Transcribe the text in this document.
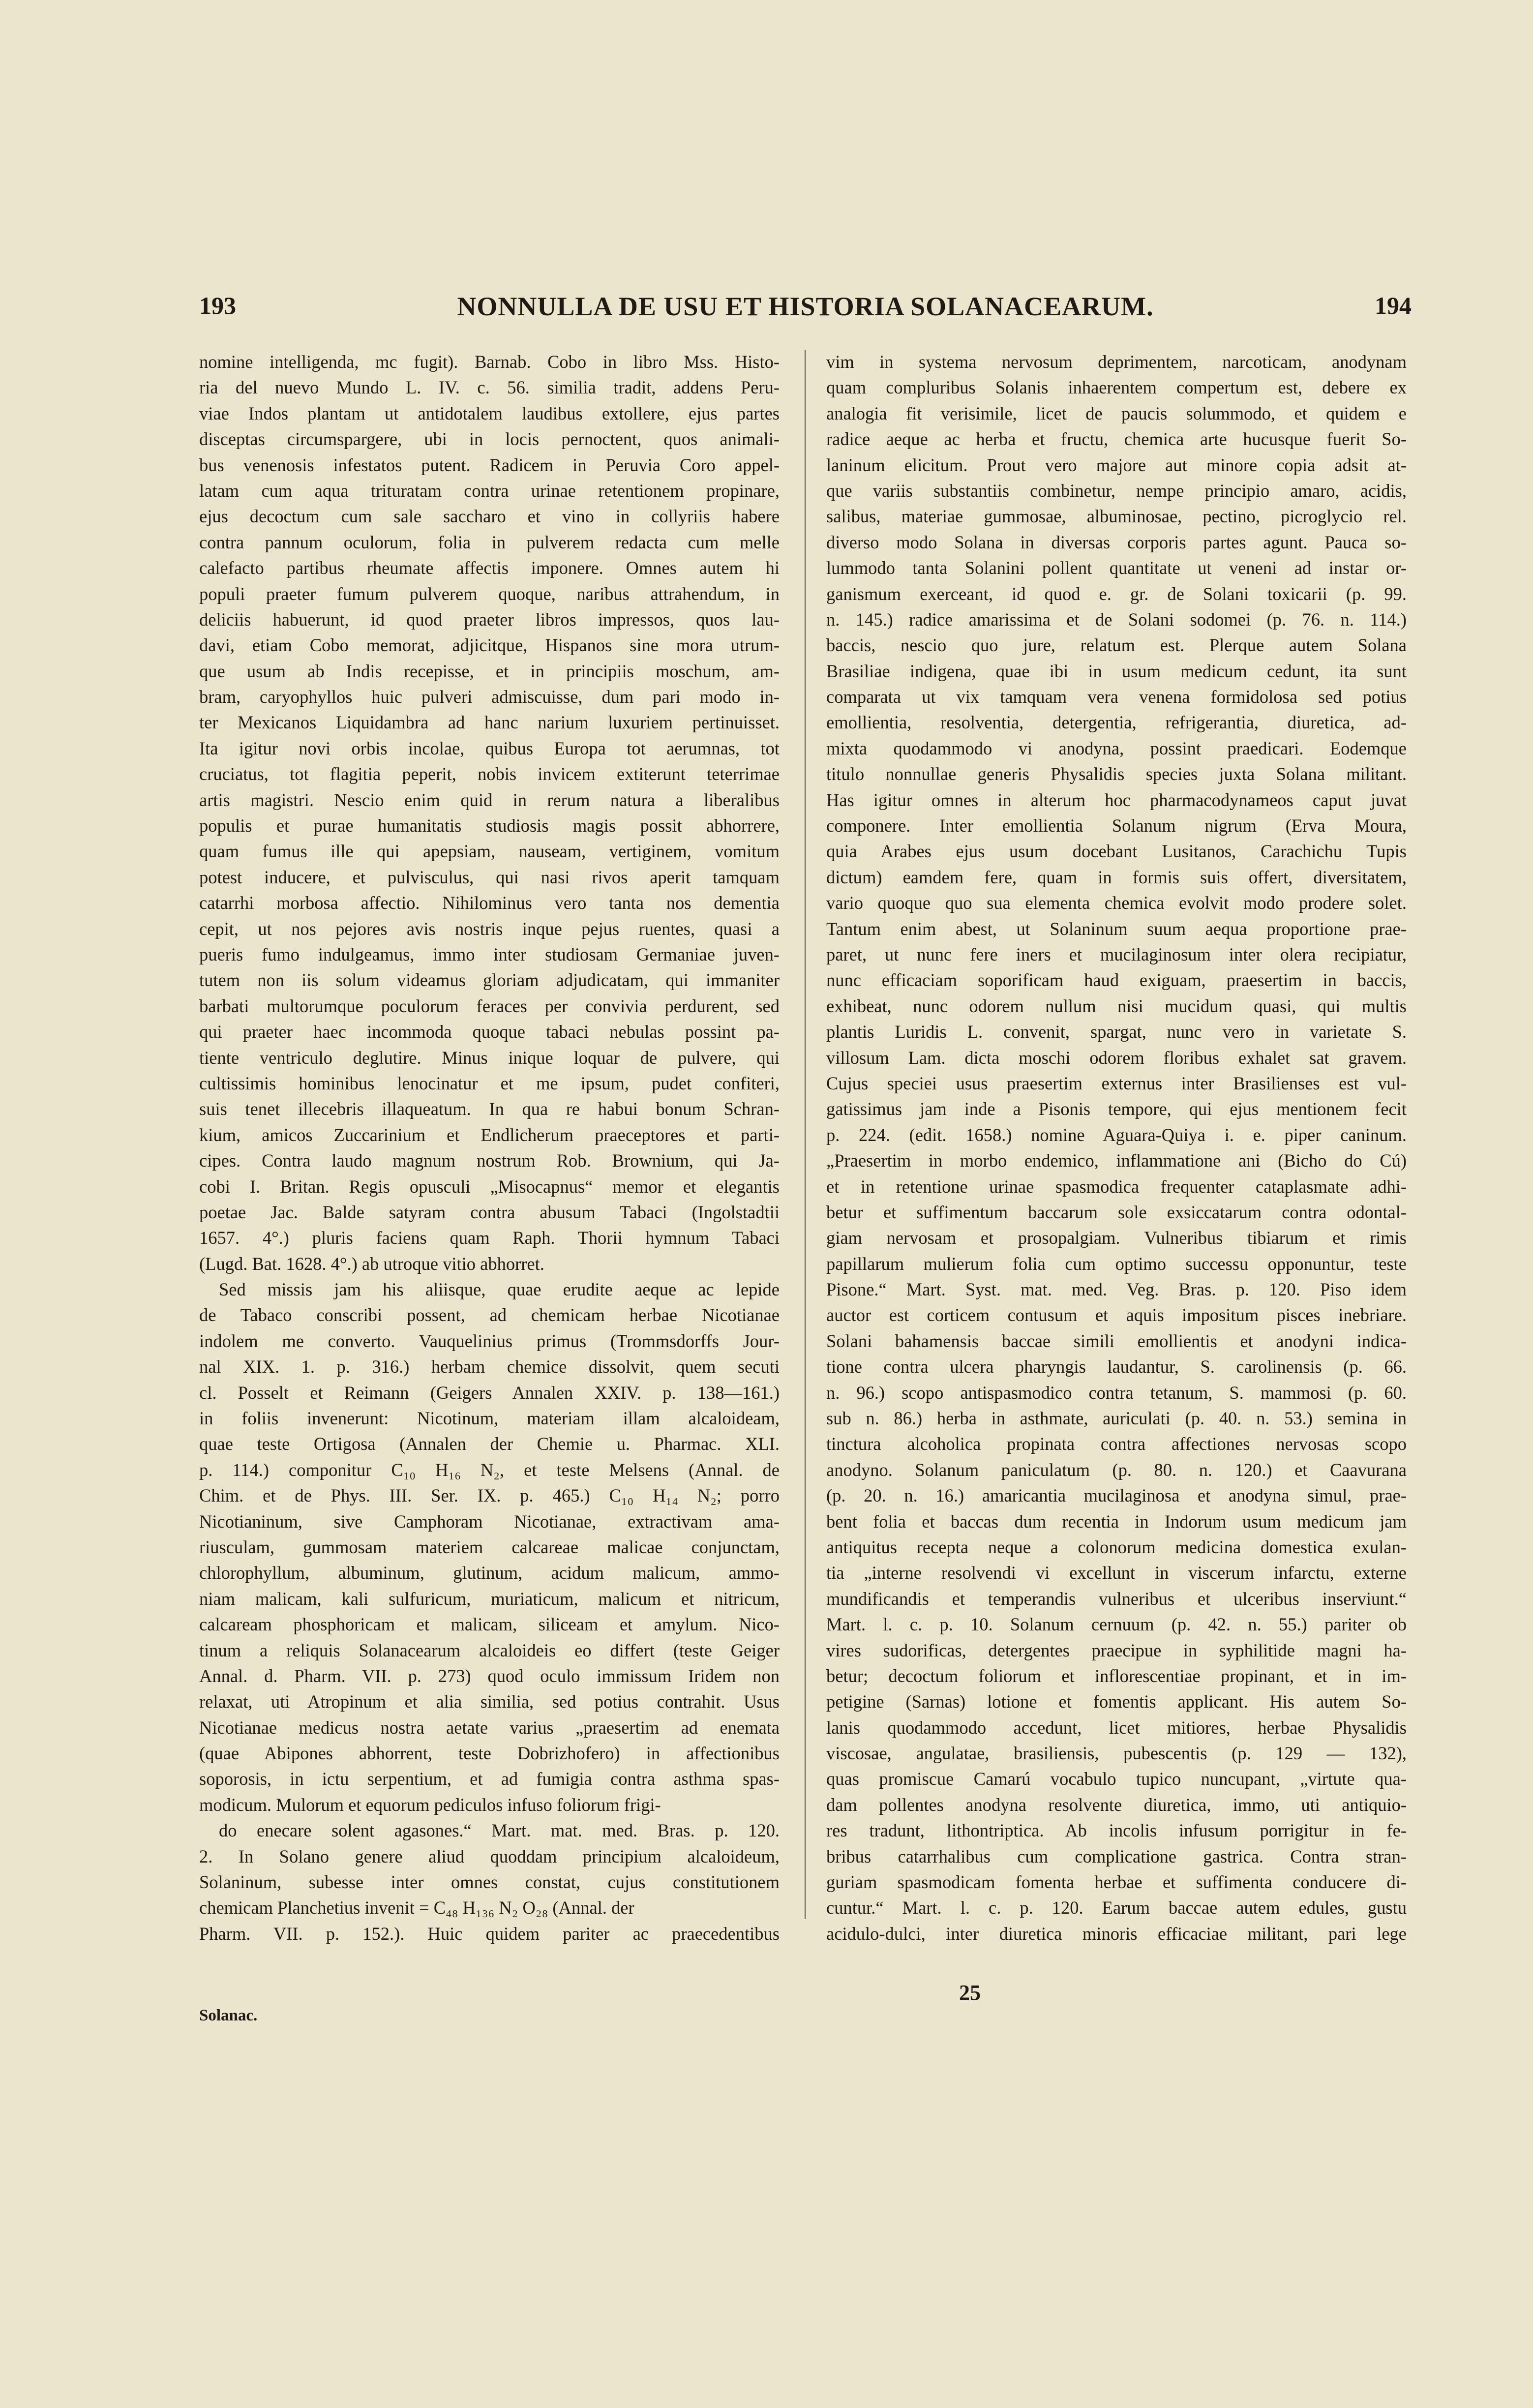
193	NONNULLA DE USU ET HISTORIA SOLANACEARUM.	194
nomine intelligenda, mc fugit). Barnab. Cobo in libro Mss. Histo-
ria del nuevo Mundo L. IV. c. 56. similia tradit, addens Peru-
viae Indos plantam ut antidotalem laudibus extollere, ejus partes
disceptas circumspargere, ubi in locis pernoctent, quos animali-
bus venenosis infestatos putent. Radicem in Peruvia Coro appel-
latam cum aqua trituratam contra urinae retentionem propinare,
ejus decoctum cum sale saccharo et vino in collyriis habere
contra pannum oculorum, folia in pulverem redacta cum melle
calefacto partibus rheumate affectis imponere. Omnes autem hi
populi praeter fumum pulverem quoque, naribus attrahendum, in
deliciis habuerunt, id quod praeter libros impressos, quos lau-
davi, etiam Cobo memorat, adjicitque, Hispanos sine mora utrum-
que usum ab Indis recepisse, et in principiis moschum, am-
bram, caryophyllos huic pulveri admiscuisse, dum pari modo in-
ter Mexicanos Liquidambra ad hanc narium luxuriem pertinuisset.
Ita igitur novi orbis incolae, quibus Europa tot aerumnas, tot
cruciatus, tot flagitia peperit, nobis invicem extiterunt teterrimae
artis magistri. Nescio enim quid in rerum natura a liberalibus
populis et purae humanitatis studiosis magis possit abhorrere,
quam fumus ille qui apepsiam, nauseam, vertiginem, vomitum
potest inducere, et pulvisculus, qui nasi rivos aperit tamquam
catarrhi morbosa affectio. Nihilominus vero tanta nos dementia
cepit, ut nos pejores avis nostris inque pejus ruentes, quasi a
pueris fumo indulgeamus, immo inter studiosam Germaniae juven-
tutem non iis solum videamus gloriam adjudicatam, qui immaniter
barbati multorumque poculorum feraces per convivia perdurent, sed
qui praeter haec incommoda quoque tabaci nebulas possint pa-
tiente ventriculo deglutire. Minus inique loquar de pulvere, qui
cultissimis hominibus lenocinatur et me ipsum, pudet confiteri,
suis tenet illecebris illaqueatum. In qua re habui bonum Schran-
kium, amicos Zuccarinium et Endlicherum praeceptores et parti-
cipes. Contra laudo magnum nostrum Rob. Brownium, qui Ja-
cobi I. Britan. Regis opusculi „Misocapnus“ memor et elegantis
poetae Jac. Balde satyram contra abusum Tabaci (Ingolstadtii
1657. 4°.) pluris faciens quam Raph. Thorii hymnum Tabaci
(Lugd. Bat. 1628. 4°.) ab utroque vitio abhorret.
Sed missis jam his aliisque, quae erudite aeque ac lepide
de Tabaco conscribi possent, ad chemicam herbae Nicotianae
indolem me converto. Vauquelinius primus (Trommsdorffs Jour-
nal XIX. 1. p. 316.) herbam chemice dissolvit, quem secuti
cl. Posselt et Reimann (Geigers Annalen XXIV. p. 138—161.)
in foliis invenerunt: Nicotinum, materiam illam alcaloideam,
quae teste Ortigosa (Annalen der Chemie u. Pharmac. XLI.
p. 114.) componitur C₁₀ H₁₆ N₂, et teste Melsens (Annal. de
Chim. et de Phys. III. Ser. IX. p. 465.) C₁₀ H₁₄ N₂; porro
Nicotianinum, sive Camphoram Nicotianae, extractivam ama-
riusculam, gummosam materiem calcareae malicae conjunctam,
chlorophyllum, albuminum, glutinum, acidum malicum, ammo-
niam malicam, kali sulfuricum, muriaticum, malicum et nitricum,
calcaream phosphoricam et malicam, siliceam et amylum. Nico-
tinum a reliquis Solanacearum alcaloideis eo differt (teste Geiger
Annal. d. Pharm. VII. p. 273) quod oculo immissum Iridem non
relaxat, uti Atropinum et alia similia, sed potius contrahit. Usus
Nicotianae medicus nostra aetate varius „praesertim ad enemata
(quae Abipones abhorrent, teste Dobrizhofero) in affectionibus
soporosis, in ictu serpentium, et ad fumigia contra asthma spas-
modicum. Mulorum et equorum pediculos infuso foliorum frigi-
do enecare solent agasones.“ Mart. mat. med. Bras. p. 120.
2. In Solano genere aliud quoddam principium alcaloideum,
Solaninum, subesse inter omnes constat, cujus constitutionem
chemicam Planchetius invenit = C₄₈ H₁₃₆ N₂ O₂₈ (Annal. der
Pharm. VII. p. 152.). Huic quidem pariter ac praecedentibus
vim in systema nervosum deprimentem, narcoticam, anodynam
quam compluribus Solanis inhaerentem compertum est, debere ex
analogia fit verisimile, licet de paucis solummodo, et quidem e
radice aeque ac herba et fructu, chemica arte hucusque fuerit So-
laninum elicitum. Prout vero majore aut minore copia adsit at-
que variis substantiis combinetur, nempe principio amaro, acidis,
salibus, materiae gummosae, albuminosae, pectino, picroglycio rel.
diverso modo Solana in diversas corporis partes agunt. Pauca so-
lummodo tanta Solanini pollent quantitate ut veneni ad instar or-
ganismum exerceant, id quod e. gr. de Solani toxicarii (p. 99.
n. 145.) radice amarissima et de Solani sodomei (p. 76. n. 114.)
baccis, nescio quo jure, relatum est. Plerque autem Solana
Brasiliae indigena, quae ibi in usum medicum cedunt, ita sunt
comparata ut vix tamquam vera venena formidolosa sed potius
emollientia, resolventia, detergentia, refrigerantia, diuretica, ad-
mixta quodammodo vi anodyna, possint praedicari. Eodemque
titulo nonnullae generis Physalidis species juxta Solana militant.
Has igitur omnes in alterum hoc pharmacodynameos caput juvat
componere. Inter emollientia Solanum nigrum (Erva Moura,
quia Arabes ejus usum docebant Lusitanos, Carachichu Tupis
dictum) eamdem fere, quam in formis suis offert, diversitatem,
vario quoque quo sua elementa chemica evolvit modo prodere solet.
Tantum enim abest, ut Solaninum suum aequa proportione prae-
paret, ut nunc fere iners et mucilaginosum inter olera recipiatur,
nunc efficaciam soporificam haud exiguam, praesertim in baccis,
exhibeat, nunc odorem nullum nisi mucidum quasi, qui multis
plantis Luridis L. convenit, spargat, nunc vero in varietate S.
villosum Lam. dicta moschi odorem floribus exhalet sat gravem.
Cujus speciei usus praesertim externus inter Brasilienses est vul-
gatissimus jam inde a Pisonis tempore, qui ejus mentionem fecit
p. 224. (edit. 1658.) nomine Aguara-Quiya i. e. piper caninum.
„Praesertim in morbo endemico, inflammatione ani (Bicho do Cú)
et in retentione urinae spasmodica frequenter cataplasmate adhi-
betur et suffimentum baccarum sole exsiccatarum contra odontal-
giam nervosam et prosopalgiam. Vulneribus tibiarum et rimis
papillarum mulierum folia cum optimo successu opponuntur, teste
Pisone.“ Mart. Syst. mat. med. Veg. Bras. p. 120. Piso idem
auctor est corticem contusum et aquis impositum pisces inebriare.
Solani bahamensis baccae simili emollientis et anodyni indica-
tione contra ulcera pharyngis laudantur, S. carolinensis (p. 66.
n. 96.) scopo antispasmodico contra tetanum, S. mammosi (p. 60.
sub n. 86.) herba in asthmate, auriculati (p. 40. n. 53.) semina in
tinctura alcoholica propinata contra affectiones nervosas scopo
anodyno. Solanum paniculatum (p. 80. n. 120.) et Caavurana
(p. 20. n. 16.) amaricantia mucilaginosa et anodyna simul, prae-
bent folia et baccas dum recentia in Indorum usum medicum jam
antiquitus recepta neque a colonorum medicina domestica exulan-
tia „interne resolvendi vi excellunt in viscerum infarctu, externe
mundificandis et temperandis vulneribus et ulceribus inserviunt.“
Mart. l. c. p. 10. Solanum cernuum (p. 42. n. 55.) pariter ob
vires sudorificas, detergentes praecipue in syphilitide magni ha-
betur; decoctum foliorum et inflorescentiae propinant, et in im-
petigine (Sarnas) lotione et fomentis applicant. His autem So-
lanis quodammodo accedunt, licet mitiores, herbae Physalidis
viscosae, angulatae, brasiliensis, pubescentis (p. 129 — 132),
quas promiscue Camarú vocabulo tupico nuncupant, „virtute qua-
dam pollentes anodyna resolvente diuretica, immo, uti antiquio-
res tradunt, lithontriptica. Ab incolis infusum porrigitur in fe-
bribus catarrhalibus cum complicatione gastrica. Contra stran-
guriam spasmodicam fomenta herbae et suffimenta conducere di-
cuntur.“ Mart. l. c. p. 120. Earum baccae autem edules, gustu
acidulo-dulci, inter diuretica minoris efficaciae militant, pari lege
Solanac.
25
